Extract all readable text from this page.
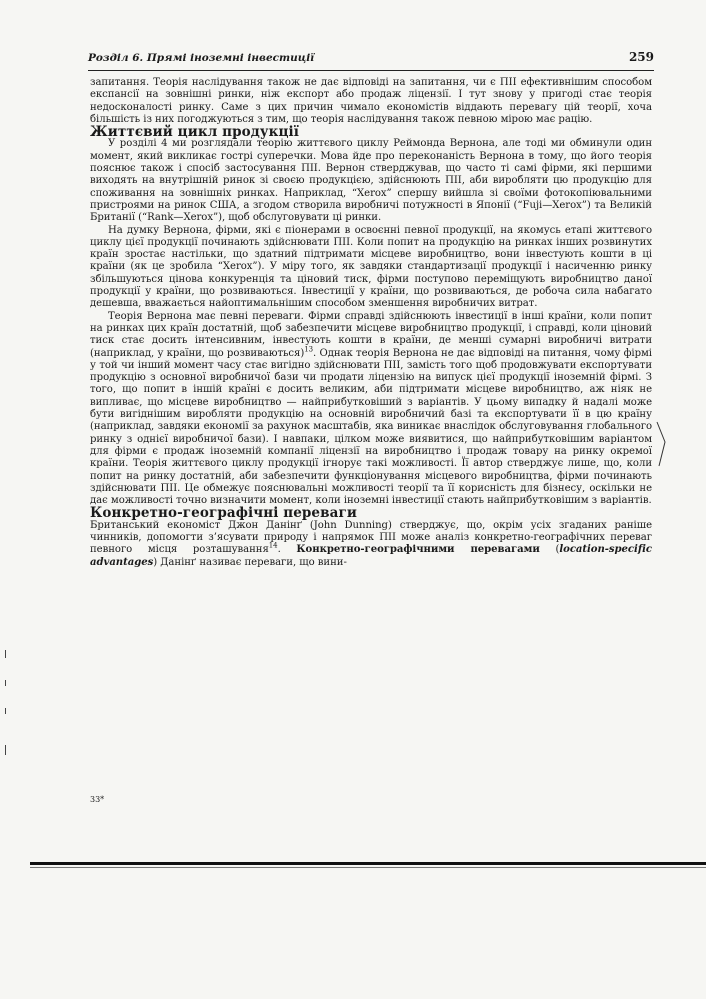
Розділ 6. Прямі іноземні інвестиції	259

запитання. Теорія наслідування також не дає відповіді на запитання, чи є ПІІ ефективнішим способом експансії на зовнішні ринки, ніж експорт або продаж ліцензії. І тут знову у пригоді стає теорія недосконалості ринку. Саме з цих причин чимало економістів віддають перевагу цій теорії, хоча більшість із них погоджуються з тим, що теорія наслідування також певною мірою має рацію.

Життєвий цикл продукції

У розділі 4 ми розглядали теорію життєвого циклу Реймонда Вернона, але тоді ми обминули один момент, який викликає гострі суперечки. Мова йде про переконаність Вернона в тому, що його теорія пояснює також і спосіб застосування ПІІ. Вернон стверджував, що часто ті самі фірми, які першими виходять на внутрішній ринок зі своєю продукцією, здійснюють ПІІ, аби виробляти цю продукцію для споживання на зовнішніх ринках. Наприклад, “Xerox” спершу вийшла зі своїми фотокопіювальними пристроями на ринок США, а згодом створила виробничі потужності в Японії (“Fuji—Xerox”) та Великій Британії (“Rank—Xerox”), щоб обслуговувати ці ринки.

На думку Вернона, фірми, які є піонерами в освоєнні певної продукції, на якомусь етапі життєвого циклу цієї продукції починають здійснювати ПІІ. Коли попит на продукцію на ринках інших розвинутих країн зростає настільки, що здатний підтримати місцеве виробництво, вони інвестують кошти в ці країни (як це зробила “Xerox”). У міру того, як завдяки стандартизації продукції і насиченню ринку збільшуються цінова конкуренція та ціновий тиск, фірми поступово переміщують виробництво даної продукції у країни, що розвиваються. Інвестиції у країни, що розвиваються, де робоча сила набагато дешевша, вважається найоптимальнішим способом зменшення виробничих витрат.

Теорія Вернона має певні переваги. Фірми справді здійснюють інвестиції в інші країни, коли попит на ринках цих країн достатній, щоб забезпечити місцеве виробництво продукції, і справді, коли ціновий тиск стає досить інтенсивним, інвестують кошти в країни, де менші сумарні виробничі витрати (наприклад, у країни, що розвиваються)$^{13}$. Однак теорія Вернона не дає відповіді на питання, чому фірмі у той чи інший момент часу стає вигідно здійснювати ПІІ, замість того щоб продовжувати експортувати продукцію з основної виробничої бази чи продати ліцензію на випуск цієї продукції іноземній фірмі. З того, що попит в іншій країні є досить великим, аби підтримати місцеве виробництво, аж ніяк не випливає, що місцеве виробництво — найприбутковіший з варіантів. У цьому випадку й надалі може бути вигіднішим виробляти продукцію на основній виробничий базі та експортувати її в цю країну (наприклад, завдяки економії за рахунок масштабів, яка виникає внаслідок обслуговування глобального ринку з однієї виробничої бази). І навпаки, цілком може виявитися, що найприбутковішим варіантом для фірми є продаж іноземній компанії ліцензії на виробництво і продаж товару на ринку окремої країни. Теорія життєвого циклу продукції ігнорує такі можливості. Її автор стверджує лише, що, коли попит на ринку достатній, аби забезпечити функціонування місцевого виробництва, фірми починають здійснювати ПІІ. Це обмежує пояснювальні можливості теорії та її корисність для бізнесу, оскільки не дає можливості точно визначити момент, коли іноземні інвестиції стають найприбутковішим з варіантів.

Конкретно-географічні переваги

Британський економіст Джон Данінґ (John Dunning) стверджує, що, окрім усіх згаданих раніше чинників, допомогти з’ясувати природу і напрямок ПІІ може аналіз конкретно-географічних переваг певного місця розташування$^{14}$. Конкретно-географічними перевагами (location-specific advantages) Данінґ називає переваги, що вини-

33*
